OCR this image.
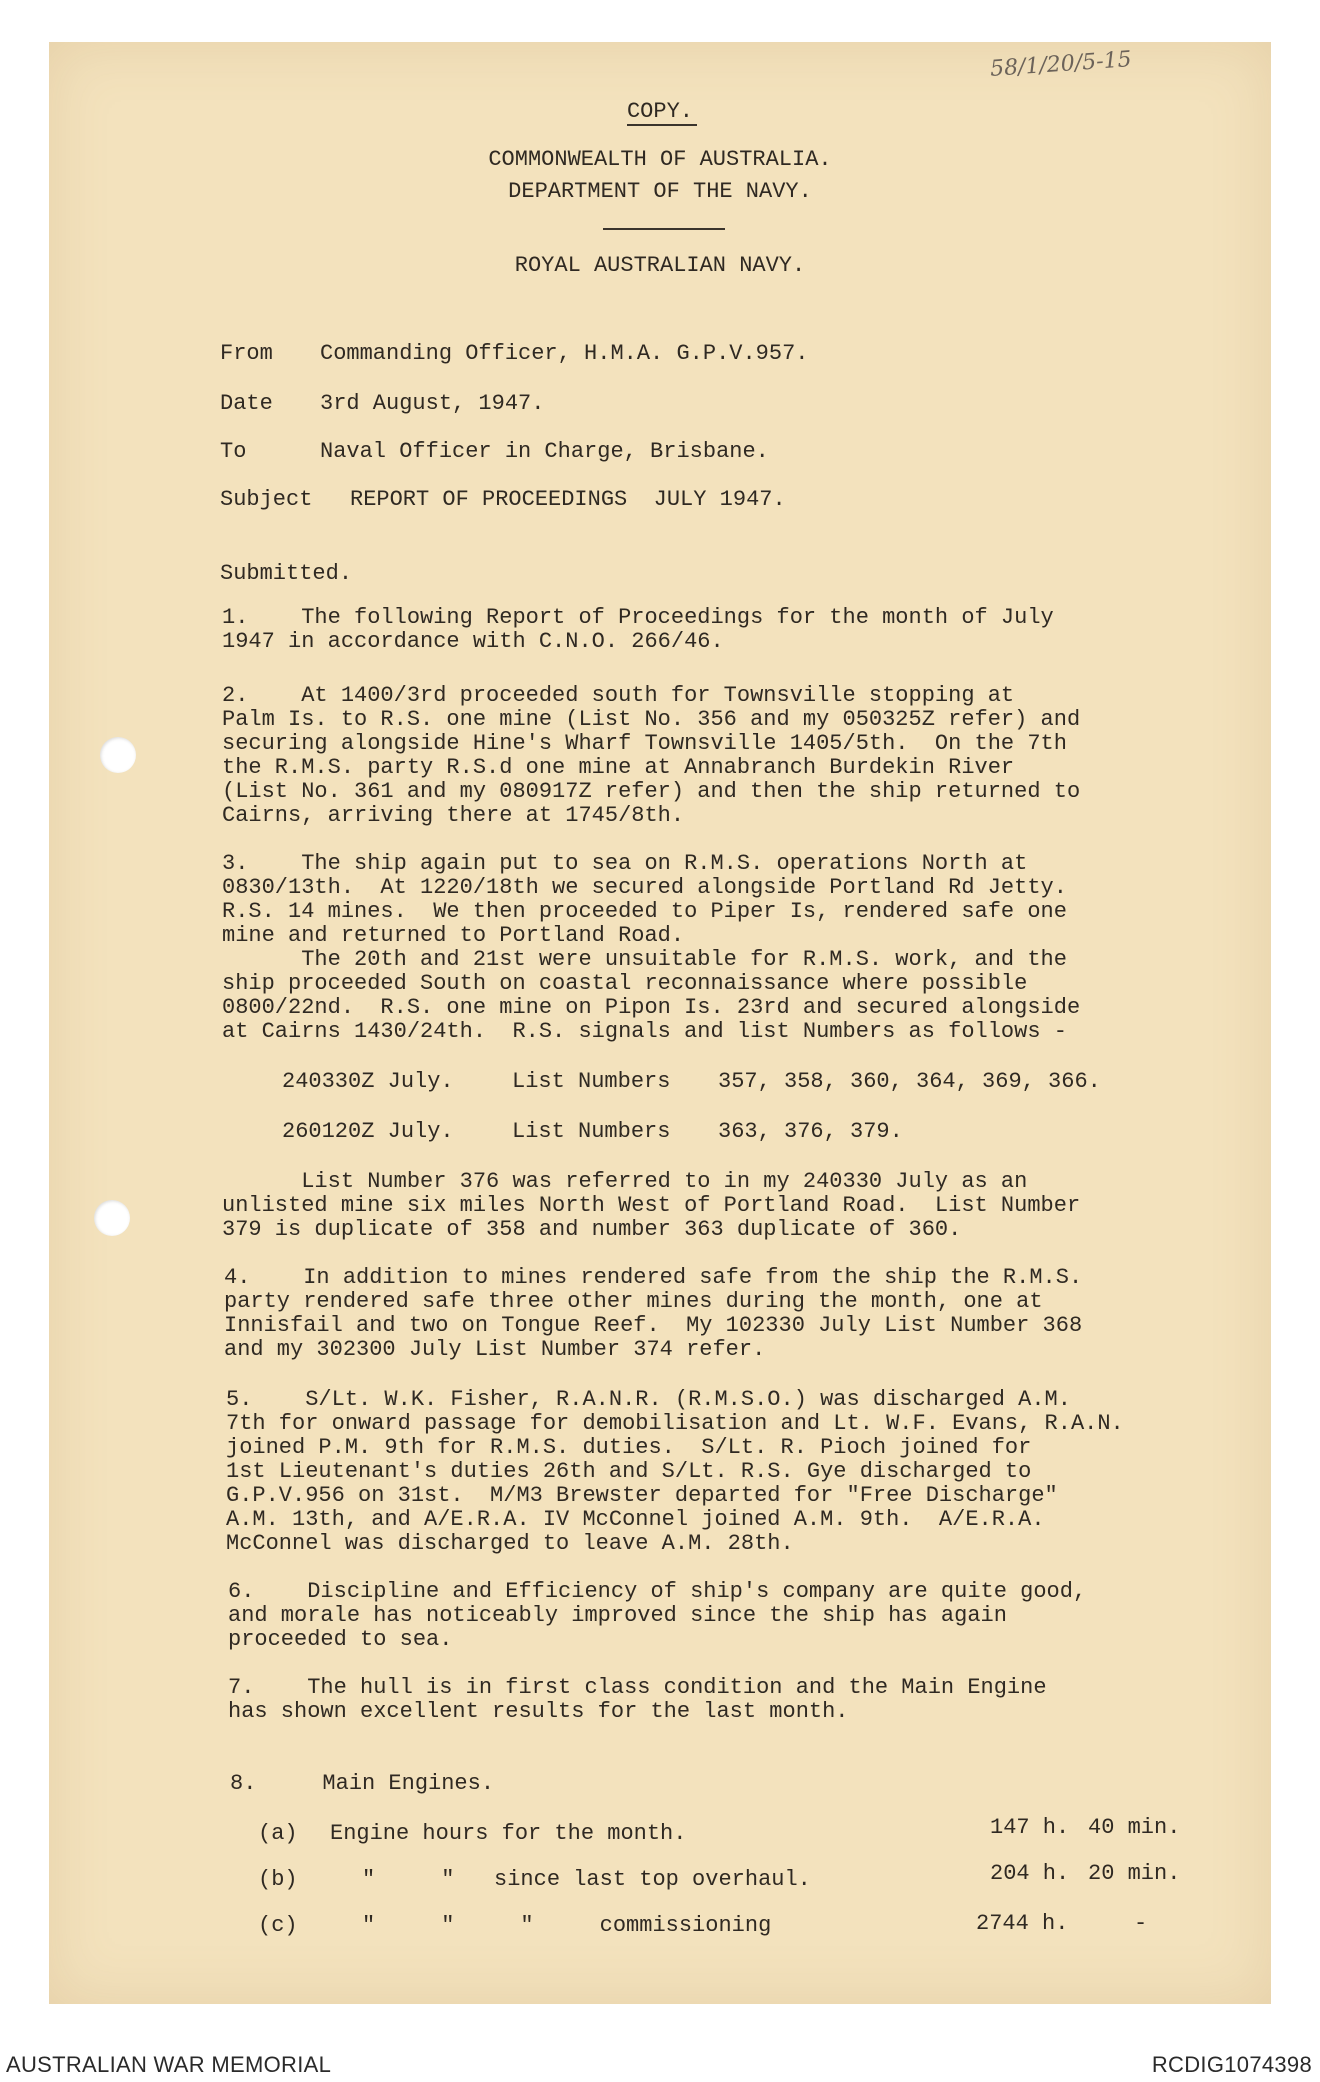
58/1/20/5-15
COPY.
COMMONWEALTH OF AUSTRALIA.
DEPARTMENT OF THE NAVY.
ROYAL AUSTRALIAN NAVY.
From Commanding Officer, H.M.A. G.P.V.957.
Date 3rd August, 1947.
To	Naval Officer in Charge, Brisbane.
Subject REPORT OF PROCEEDINGS  JULY 1947.
Submitted.
1.    The following Report of Proceedings for the month of July
1947 in accordance with C.N.O. 266/46.
2.    At 1400/3rd proceeded south for Townsville stopping at
Palm Is. to R.S. one mine (List No. 356 and my 050325Z refer) and
securing alongside Hine's Wharf Townsville 1405/5th.  On the 7th
the R.M.S. party R.S.d one mine at Annabranch Burdekin River
(List No. 361 and my 080917Z refer) and then the ship returned to
Cairns, arriving there at 1745/8th.
3.    The ship again put to sea on R.M.S. operations North at
0830/13th.  At 1220/18th we secured alongside Portland Rd Jetty.
R.S. 14 mines.  We then proceeded to Piper Is, rendered safe one
mine and returned to Portland Road.
The 20th and 21st were unsuitable for R.M.S. work, and the
ship proceeded South on coastal reconnaissance where possible
0800/22nd.  R.S. one mine on Pipon Is. 23rd and secured alongside
at Cairns 1430/24th.  R.S. signals and list Numbers as follows -
240330Z July.	List Numbers 357, 358, 360, 364, 369, 366.
260120Z July.	List Numbers 363, 376, 379.
List Number 376 was referred to in my 240330 July as an
unlisted mine six miles North West of Portland Road.  List Number
379 is duplicate of 358 and number 363 duplicate of 360.
4.    In addition to mines rendered safe from the ship the R.M.S.
party rendered safe three other mines during the month, one at
Innisfail and two on Tongue Reef.  My 102330 July List Number 368
and my 302300 July List Number 374 refer.
5.    S/Lt. W.K. Fisher, R.A.N.R. (R.M.S.O.) was discharged A.M.
7th for onward passage for demobilisation and Lt. W.F. Evans, R.A.N.
joined P.M. 9th for R.M.S. duties.  S/Lt. R. Pioch joined for
1st Lieutenant's duties 26th and S/Lt. R.S. Gye discharged to
G.P.V.956 on 31st.  M/M3 Brewster departed for "Free Discharge"
A.M. 13th, and A/E.R.A. IV McConnel joined A.M. 9th.  A/E.R.A.
McConnel was discharged to leave A.M. 28th.
6.    Discipline and Efficiency of ship's company are quite good,
and morale has noticeably improved since the ship has again
proceeded to sea.
7.    The hull is in first class condition and the Main Engine
has shown excellent results for the last month.
8.     Main Engines.
(a) Engine hours for the month.	147 h. 40 min.
(b)	"     "   since last top overhaul.	204 h. 20 min.
(c)	"     "     "     commissioning	2744 h.	-
AUSTRALIAN WAR MEMORIAL	RCDIG1074398
